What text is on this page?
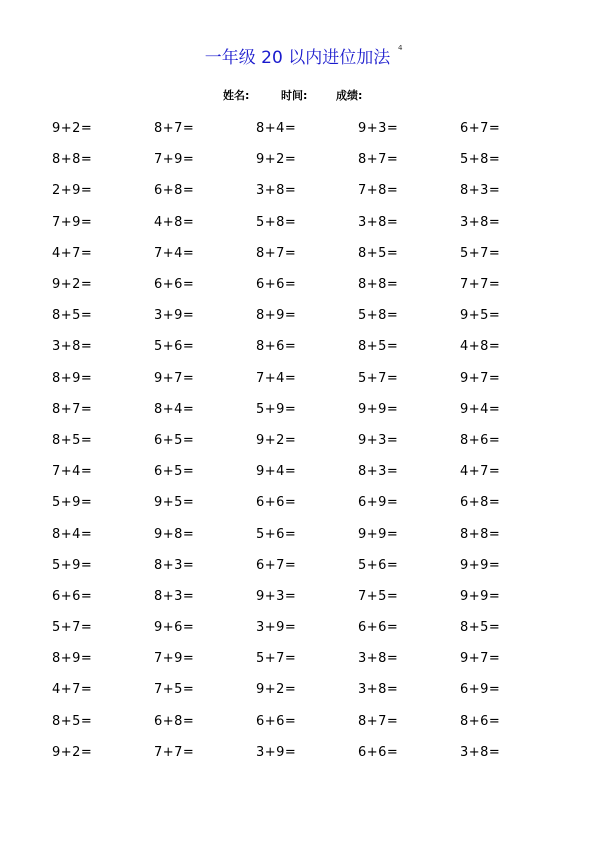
一年级 20 以内进位加法	4
姓名:	时间:	成绩:
9+2=	8+7=	8+4=	9+3=	6+7=
8+8=	7+9=	9+2=	8+7=	5+8=
2+9=	6+8=	3+8=	7+8=	8+3=
7+9=	4+8=	5+8=	3+8=	3+8=
4+7=	7+4=	8+7=	8+5=	5+7=
9+2=	6+6=	6+6=	8+8=	7+7=
8+5=	3+9=	8+9=	5+8=	9+5=
3+8=	5+6=	8+6=	8+5=	4+8=
8+9=	9+7=	7+4=	5+7=	9+7=
8+7=	8+4=	5+9=	9+9=	9+4=
8+5=	6+5=	9+2=	9+3=	8+6=
7+4=	6+5=	9+4=	8+3=	4+7=
5+9=	9+5=	6+6=	6+9=	6+8=
8+4=	9+8=	5+6=	9+9=	8+8=
5+9=	8+3=	6+7=	5+6=	9+9=
6+6=	8+3=	9+3=	7+5=	9+9=
5+7=	9+6=	3+9=	6+6=	8+5=
8+9=	7+9=	5+7=	3+8=	9+7=
4+7=	7+5=	9+2=	3+8=	6+9=
8+5=	6+8=	6+6=	8+7=	8+6=
9+2=	7+7=	3+9=	6+6=	3+8=
